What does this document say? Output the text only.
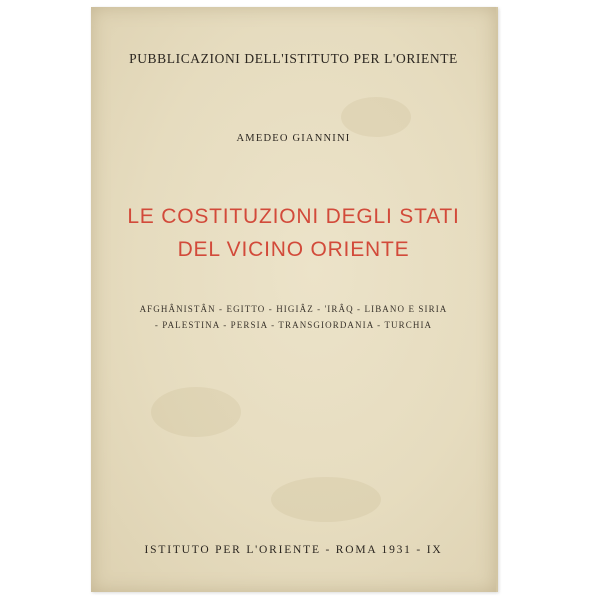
PUBBLICAZIONI DELL'ISTITUTO PER L'ORIENTE
AMEDEO GIANNINI
LE COSTITUZIONI DEGLI STATI
DEL VICINO ORIENTE
AFGHÂNISTÂN - EGITTO - HIGIÂZ - 'IRÂQ - LIBANO E SIRIA
- PALESTINA - PERSIA - TRANSGIORDANIA - TURCHIA
ISTITUTO PER L'ORIENTE - ROMA 1931 - IX
